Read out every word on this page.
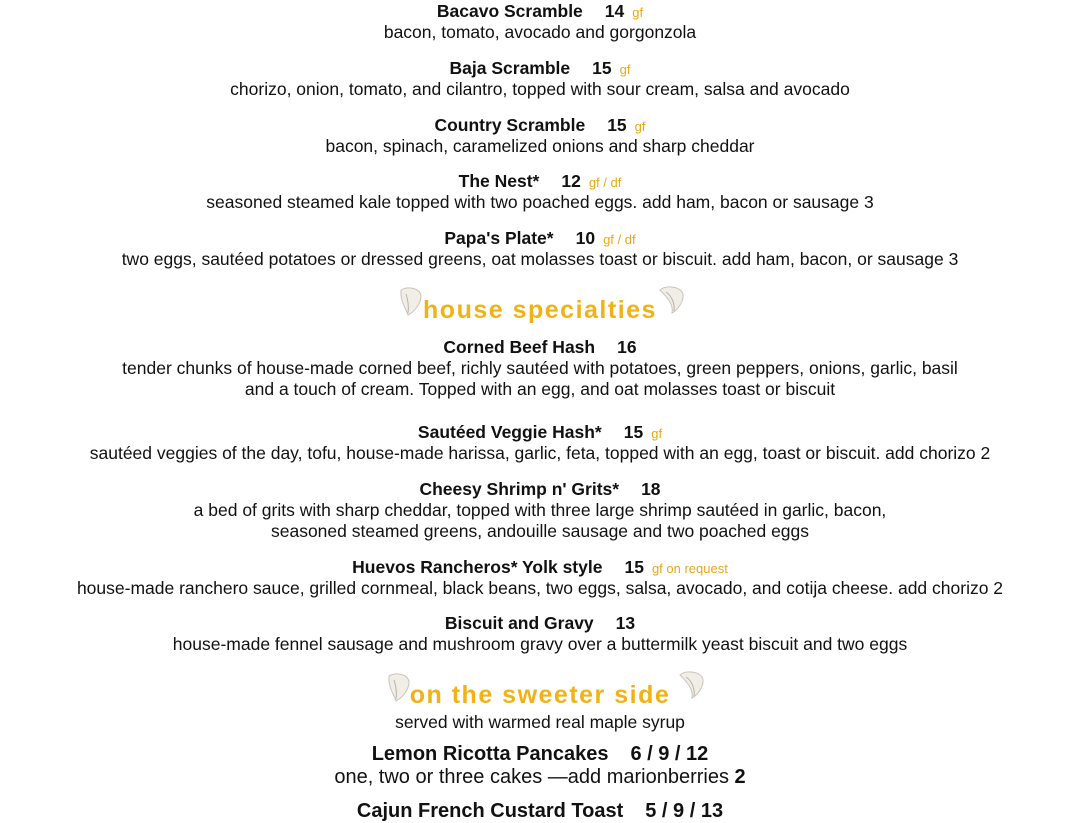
Bacavo Scramble 14 gf
bacon, tomato, avocado and gorgonzola
Baja Scramble 15 gf
chorizo, onion, tomato, and cilantro, topped with sour cream, salsa and avocado
Country Scramble 15 gf
bacon, spinach, caramelized onions and sharp cheddar
The Nest* 12 gf / df
seasoned steamed kale topped with two poached eggs. add ham, bacon or sausage 3
Papa's Plate* 10 gf / df
two eggs, sautéed potatoes or dressed greens, oat molasses toast or biscuit. add ham, bacon, or sausage 3
house specialties
Corned Beef Hash 16
tender chunks of house-made corned beef, richly sautéed with potatoes, green peppers, onions, garlic, basil
and a touch of cream. Topped with an egg, and oat molasses toast or biscuit
Sautéed Veggie Hash* 15 gf
sautéed veggies of the day, tofu, house-made harissa, garlic, feta, topped with an egg, toast or biscuit. add chorizo 2
Cheesy Shrimp n' Grits* 18
a bed of grits with sharp cheddar, topped with three large shrimp sautéed in garlic, bacon,
seasoned steamed greens, andouille sausage and two poached eggs
Huevos Rancheros* Yolk style 15 gf on request
house-made ranchero sauce, grilled cornmeal, black beans, two eggs, salsa, avocado, and cotija cheese. add chorizo 2
Biscuit and Gravy 13
house-made fennel sausage and mushroom gravy over a buttermilk yeast biscuit and two eggs
on the sweeter side
served with warmed real maple syrup
Lemon Ricotta Pancakes 6 / 9 / 12
one, two or three cakes —add marionberries 2
Cajun French Custard Toast 5 / 9 / 13
